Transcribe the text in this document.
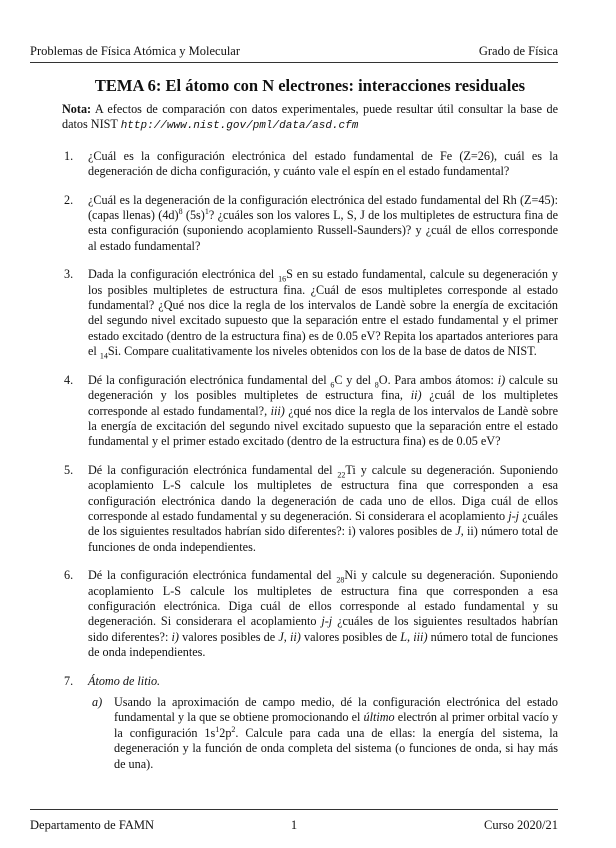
Problemas de Física Atómica y Molecular	Grado de Física
TEMA 6: El átomo con N electrones: interacciones residuales

Nota: A efectos de comparación con datos experimentales, puede resultar útil consultar la base de datos NIST http://www.nist.gov/pml/data/asd.cfm

1. ¿Cuál es la configuración electrónica del estado fundamental de Fe (Z=26), cuál es la degeneración de dicha configuración, y cuánto vale el espín en el estado fundamental?
2. ¿Cuál es la degeneración de la configuración electrónica del estado fundamental del Rh (Z=45): (capas llenas) $(4d)^8$ $(5s)^1$? ¿cuáles son los valores L, S, J de los multipletes de estructura fina de esta configuración (suponiendo acoplamiento Russell-Saunders)? y ¿cuál de ellos corresponde al estado fundamental?
3. Dada la configuración electrónica del $_{16}$S en su estado fundamental, calcule su degeneración y los posibles multipletes de estructura fina. ¿Cuál de esos multipletes corresponde al estado fundamental? ¿Qué nos dice la regla de los intervalos de Landè sobre la energía de excitación del segundo nivel excitado supuesto que la separación entre el estado fundamental y el primer estado excitado (dentro de la estructura fina) es de 0.05 eV? Repita los apartados anteriores para el $_{14}$Si. Compare cualitativamente los niveles obtenidos con los de la base de datos de NIST.
4. Dé la configuración electrónica fundamental del $_6$C y del $_8$O. Para ambos átomos: i) calcule su degeneración y los posibles multipletes de estructura fina, ii) ¿cuál de los multipletes corresponde al estado fundamental?, iii) ¿qué nos dice la regla de los intervalos de Landè sobre la energía de excitación del segundo nivel excitado supuesto que la separación entre el estado fundamental y el primer estado excitado (dentro de la estructura fina) es de 0.05 eV?
5. Dé la configuración electrónica fundamental del $_{22}$Ti y calcule su degeneración. Suponiendo acoplamiento L-S calcule los multipletes de estructura fina que corresponden a esa configuración electrónica dando la degeneración de cada uno de ellos. Diga cuál de ellos corresponde al estado fundamental y su degeneración. Si considerara el acoplamiento j-j ¿cuáles de los siguientes resultados habrían sido diferentes?: i) valores posibles de J, ii) número total de funciones de onda independientes.
6. Dé la configuración electrónica fundamental del $_{28}$Ni y calcule su degeneración. Suponiendo acoplamiento L-S calcule los multipletes de estructura fina que corresponden a esa configuración electrónica. Diga cuál de ellos corresponde al estado fundamental y su degeneración. Si considerara el acoplamiento j-j ¿cuáles de los siguientes resultados habrían sido diferentes?: i) valores posibles de J, ii) valores posibles de L, iii) número total de funciones de onda independientes.
7. Átomo de litio.
a) Usando la aproximación de campo medio, dé la configuración electrónica del estado fundamental y la que se obtiene promocionando el último electrón al primer orbital vacío y la configuración $1s^12p^2$. Calcule para cada una de ellas: la energía del sistema, la degeneración y la función de onda completa del sistema (o funciones de onda, si hay más de una).
Departamento de FAMN	1	Curso 2020/21
